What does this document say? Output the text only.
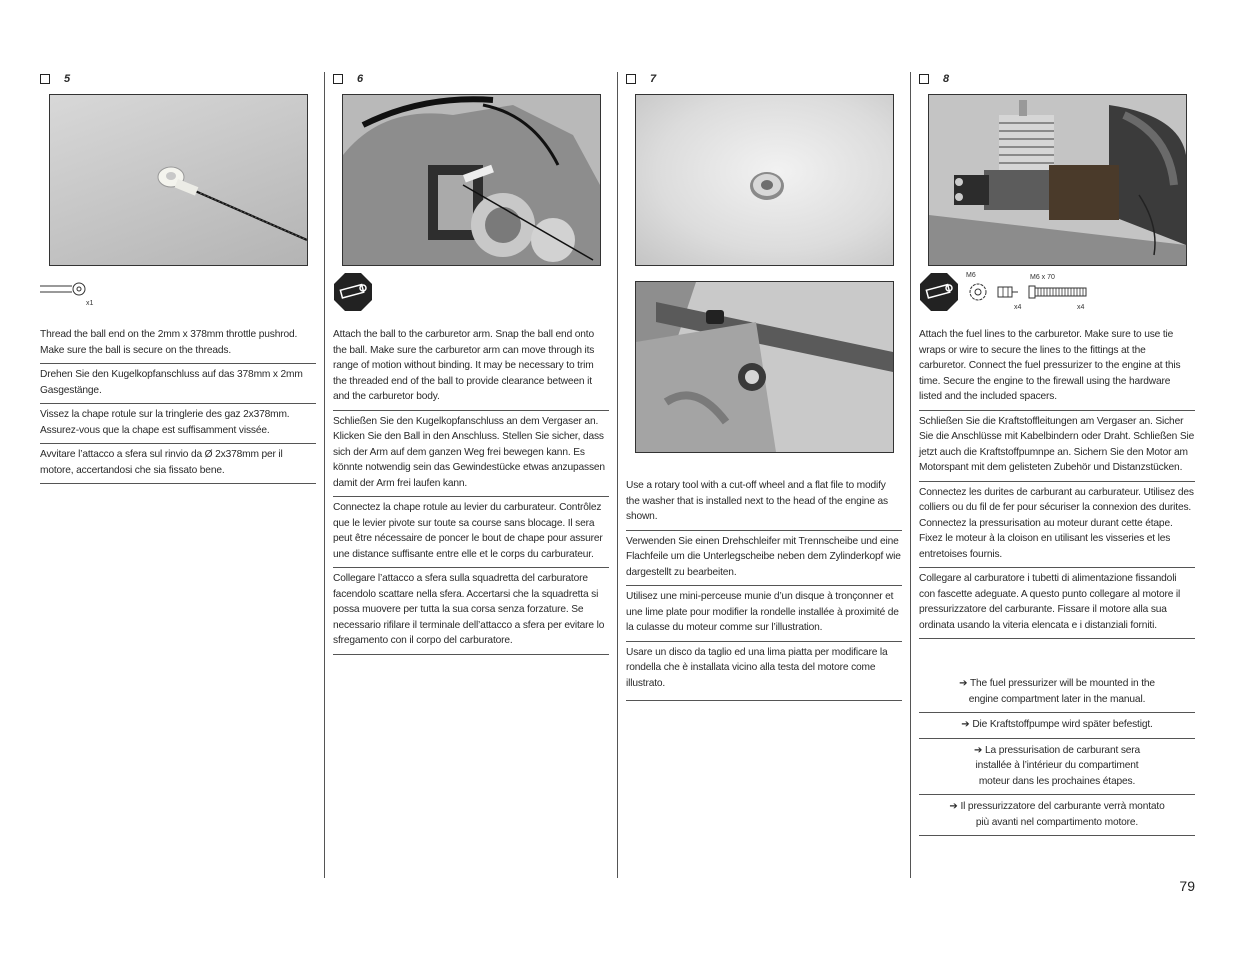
5
x1

Thread the ball end on the 2mm x 378mm throttle pushrod. Make sure the ball is secure on the threads.

Drehen Sie den Kugelkopfanschluss auf das 378mm x 2mm Gasgestänge.

Vissez la chape rotule sur la tringlerie des gaz 2x378mm. Assurez-vous que la chape est suffisamment vissée.

Avvitare l’attacco a sfera sul rinvio da Ø 2x378mm per il motore, accertandosi che sia fissato bene.

6

Attach the ball to the carburetor arm. Snap the ball end onto the ball. Make sure the carburetor arm can move through its range of motion without binding. It may be necessary to trim the threaded end of the ball to provide clearance between it and the carburetor body.

Schließen Sie den Kugelkopfanschluss an dem Vergaser an. Klicken Sie den Ball in den Anschluss. Stellen Sie sicher, dass sich der Arm auf dem ganzen Weg frei bewegen kann. Es könnte notwendig sein das Gewindestücke etwas anzupassen damit der Arm frei laufen kann.

Connectez la chape rotule au levier du carburateur. Contrôlez que le levier pivote sur toute sa course sans blocage. Il sera peut être nécessaire de poncer le bout de chape pour assurer une distance suffisante entre elle et le corps du carburateur.

Collegare l’attacco a sfera sulla squadretta del carburatore facendolo scattare nella sfera. Accertarsi che la squadretta si possa muovere per tutta la sua corsa senza forzature. Se necessario rifilare il terminale dell’attacco a sfera per evitare lo sfregamento con il corpo del carburatore.

7

Use a rotary tool with a cut-off wheel and a flat file to modify the washer that is installed next to the head of the engine as shown.

Verwenden Sie einen Drehschleifer mit Trennscheibe und eine Flachfeile um die Unterlegscheibe neben dem Zylinderkopf wie dargestellt zu bearbeiten.

Utilisez une mini-perceuse munie d’un disque à tronçonner et une lime plate pour modifier la rondelle installée à proximité de la culasse du moteur comme sur l’illustration.

Usare un disco da taglio ed una lima piatta per modificare la rondella che è installata vicino alla testa del motore come illustrato.

8
M6	M6 x 70
x4	x4

Attach the fuel lines to the carburetor. Make sure to use tie wraps or wire to secure the lines to the fittings at the carburetor. Connect the fuel pressurizer to the engine at this time. Secure the engine to the firewall using the hardware listed and the included spacers.

Schließen Sie die Kraftstoffleitungen am Vergaser an. Sicher Sie die Anschlüsse mit Kabelbindern oder Draht. Schließen Sie jetzt auch die Kraftstoffpumnpe an. Sichern Sie den Motor am Motorspant mit dem gelisteten Zubehör und Distanzstücken.

Connectez les durites de carburant au carburateur. Utilisez des colliers ou du fil de fer pour sécuriser la connexion des durites. Connectez la pressurisation au moteur durant cette étape. Fixez le moteur à la cloison en utilisant les visseries et les entretoises fournis.

Collegare al carburatore i tubetti di alimentazione fissandoli con fascette adeguate. A questo punto collegare al motore il pressurizzatore del carburante. Fissare il motore alla sua ordinata usando la viteria elencata e i distanziali forniti.

➔ The fuel pressurizer will be mounted in the engine compartment later in the manual.
➔ Die Kraftstoffpumpe wird später befestigt.
➔ La pressurisation de carburant sera installée à l’intérieur du compartiment moteur dans les prochaines étapes.
➔ Il pressurizzatore del carburante verrà montato più avanti nel compartimento motore.
79
